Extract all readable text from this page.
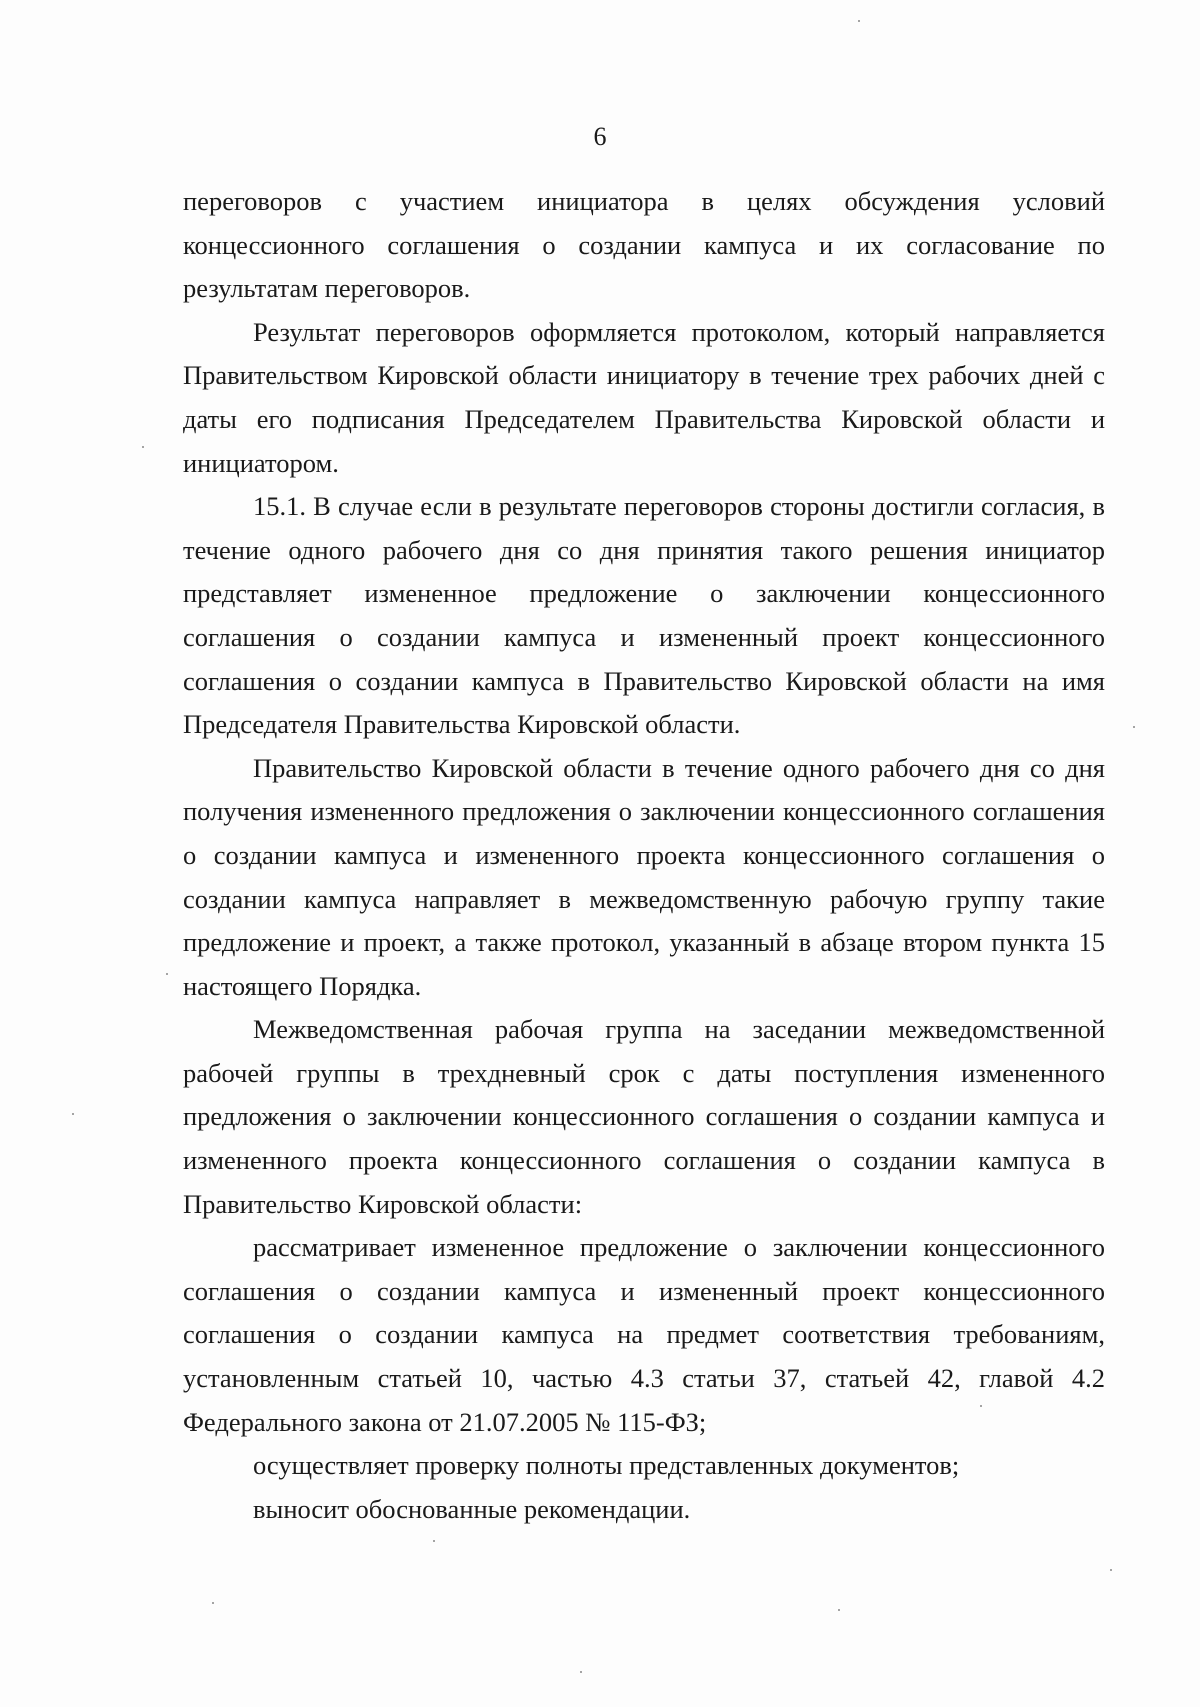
6

переговоров с участием инициатора в целях обсуждения условий концессионного соглашения о создании кампуса и их согласование по результатам переговоров.

Результат переговоров оформляется протоколом, который направляется Правительством Кировской области инициатору в течение трех рабочих дней с даты его подписания Председателем Правительства Кировской области и инициатором.

15.1. В случае если в результате переговоров стороны достигли согласия, в течение одного рабочего дня со дня принятия такого решения инициатор представляет измененное предложение о заключении концессионного соглашения о создании кампуса и измененный проект концессионного соглашения о создании кампуса в Правительство Кировской области на имя Председателя Правительства Кировской области.

Правительство Кировской области в течение одного рабочего дня со дня получения измененного предложения о заключении концессионного соглашения о создании кампуса и измененного проекта концессионного соглашения о создании кампуса направляет в межведомственную рабочую группу такие предложение и проект, а также протокол, указанный в абзаце втором пункта 15 настоящего Порядка.

Межведомственная рабочая группа на заседании межведомственной рабочей группы в трехдневный срок с даты поступления измененного предложения о заключении концессионного соглашения о создании кампуса и измененного проекта концессионного соглашения о создании кампуса в Правительство Кировской области:

рассматривает измененное предложение о заключении концессионного соглашения о создании кампуса и измененный проект концессионного соглашения о создании кампуса на предмет соответствия требованиям, установленным статьей 10, частью 4.3 статьи 37, статьей 42, главой 4.2 Федерального закона от 21.07.2005 № 115-ФЗ;

осуществляет проверку полноты представленных документов;

выносит обоснованные рекомендации.
